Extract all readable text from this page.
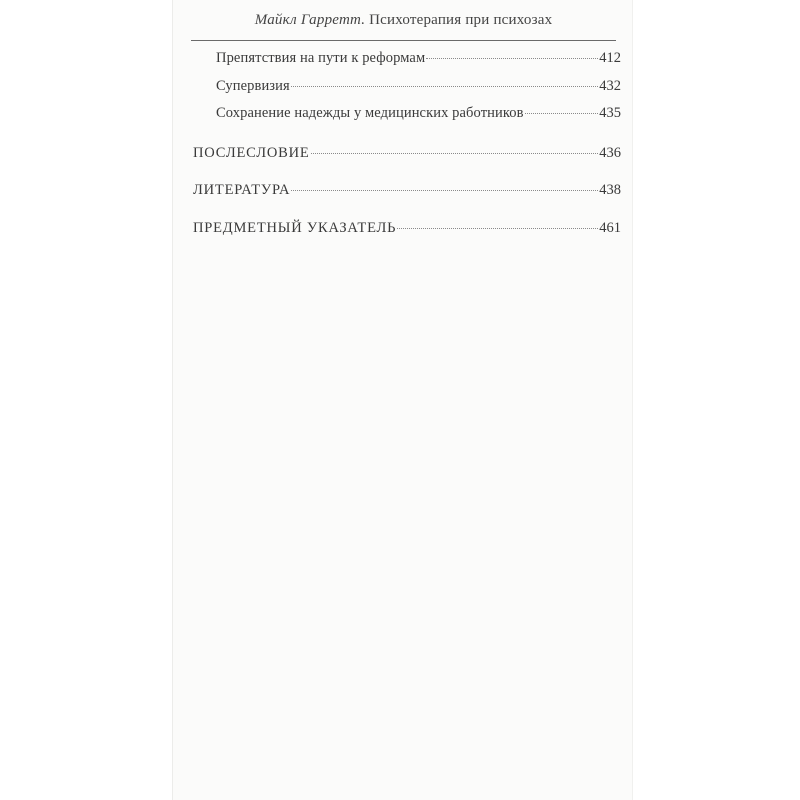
Майкл Гарретт. Психотерапия при психозах
Препятствия на пути к реформам	412
Супервизия	432
Сохранение надежды у медицинских работников	435
ПОСЛЕСЛОВИЕ	436
ЛИТЕРАТУРА	438
ПРЕДМЕТНЫЙ УКАЗАТЕЛЬ	461
